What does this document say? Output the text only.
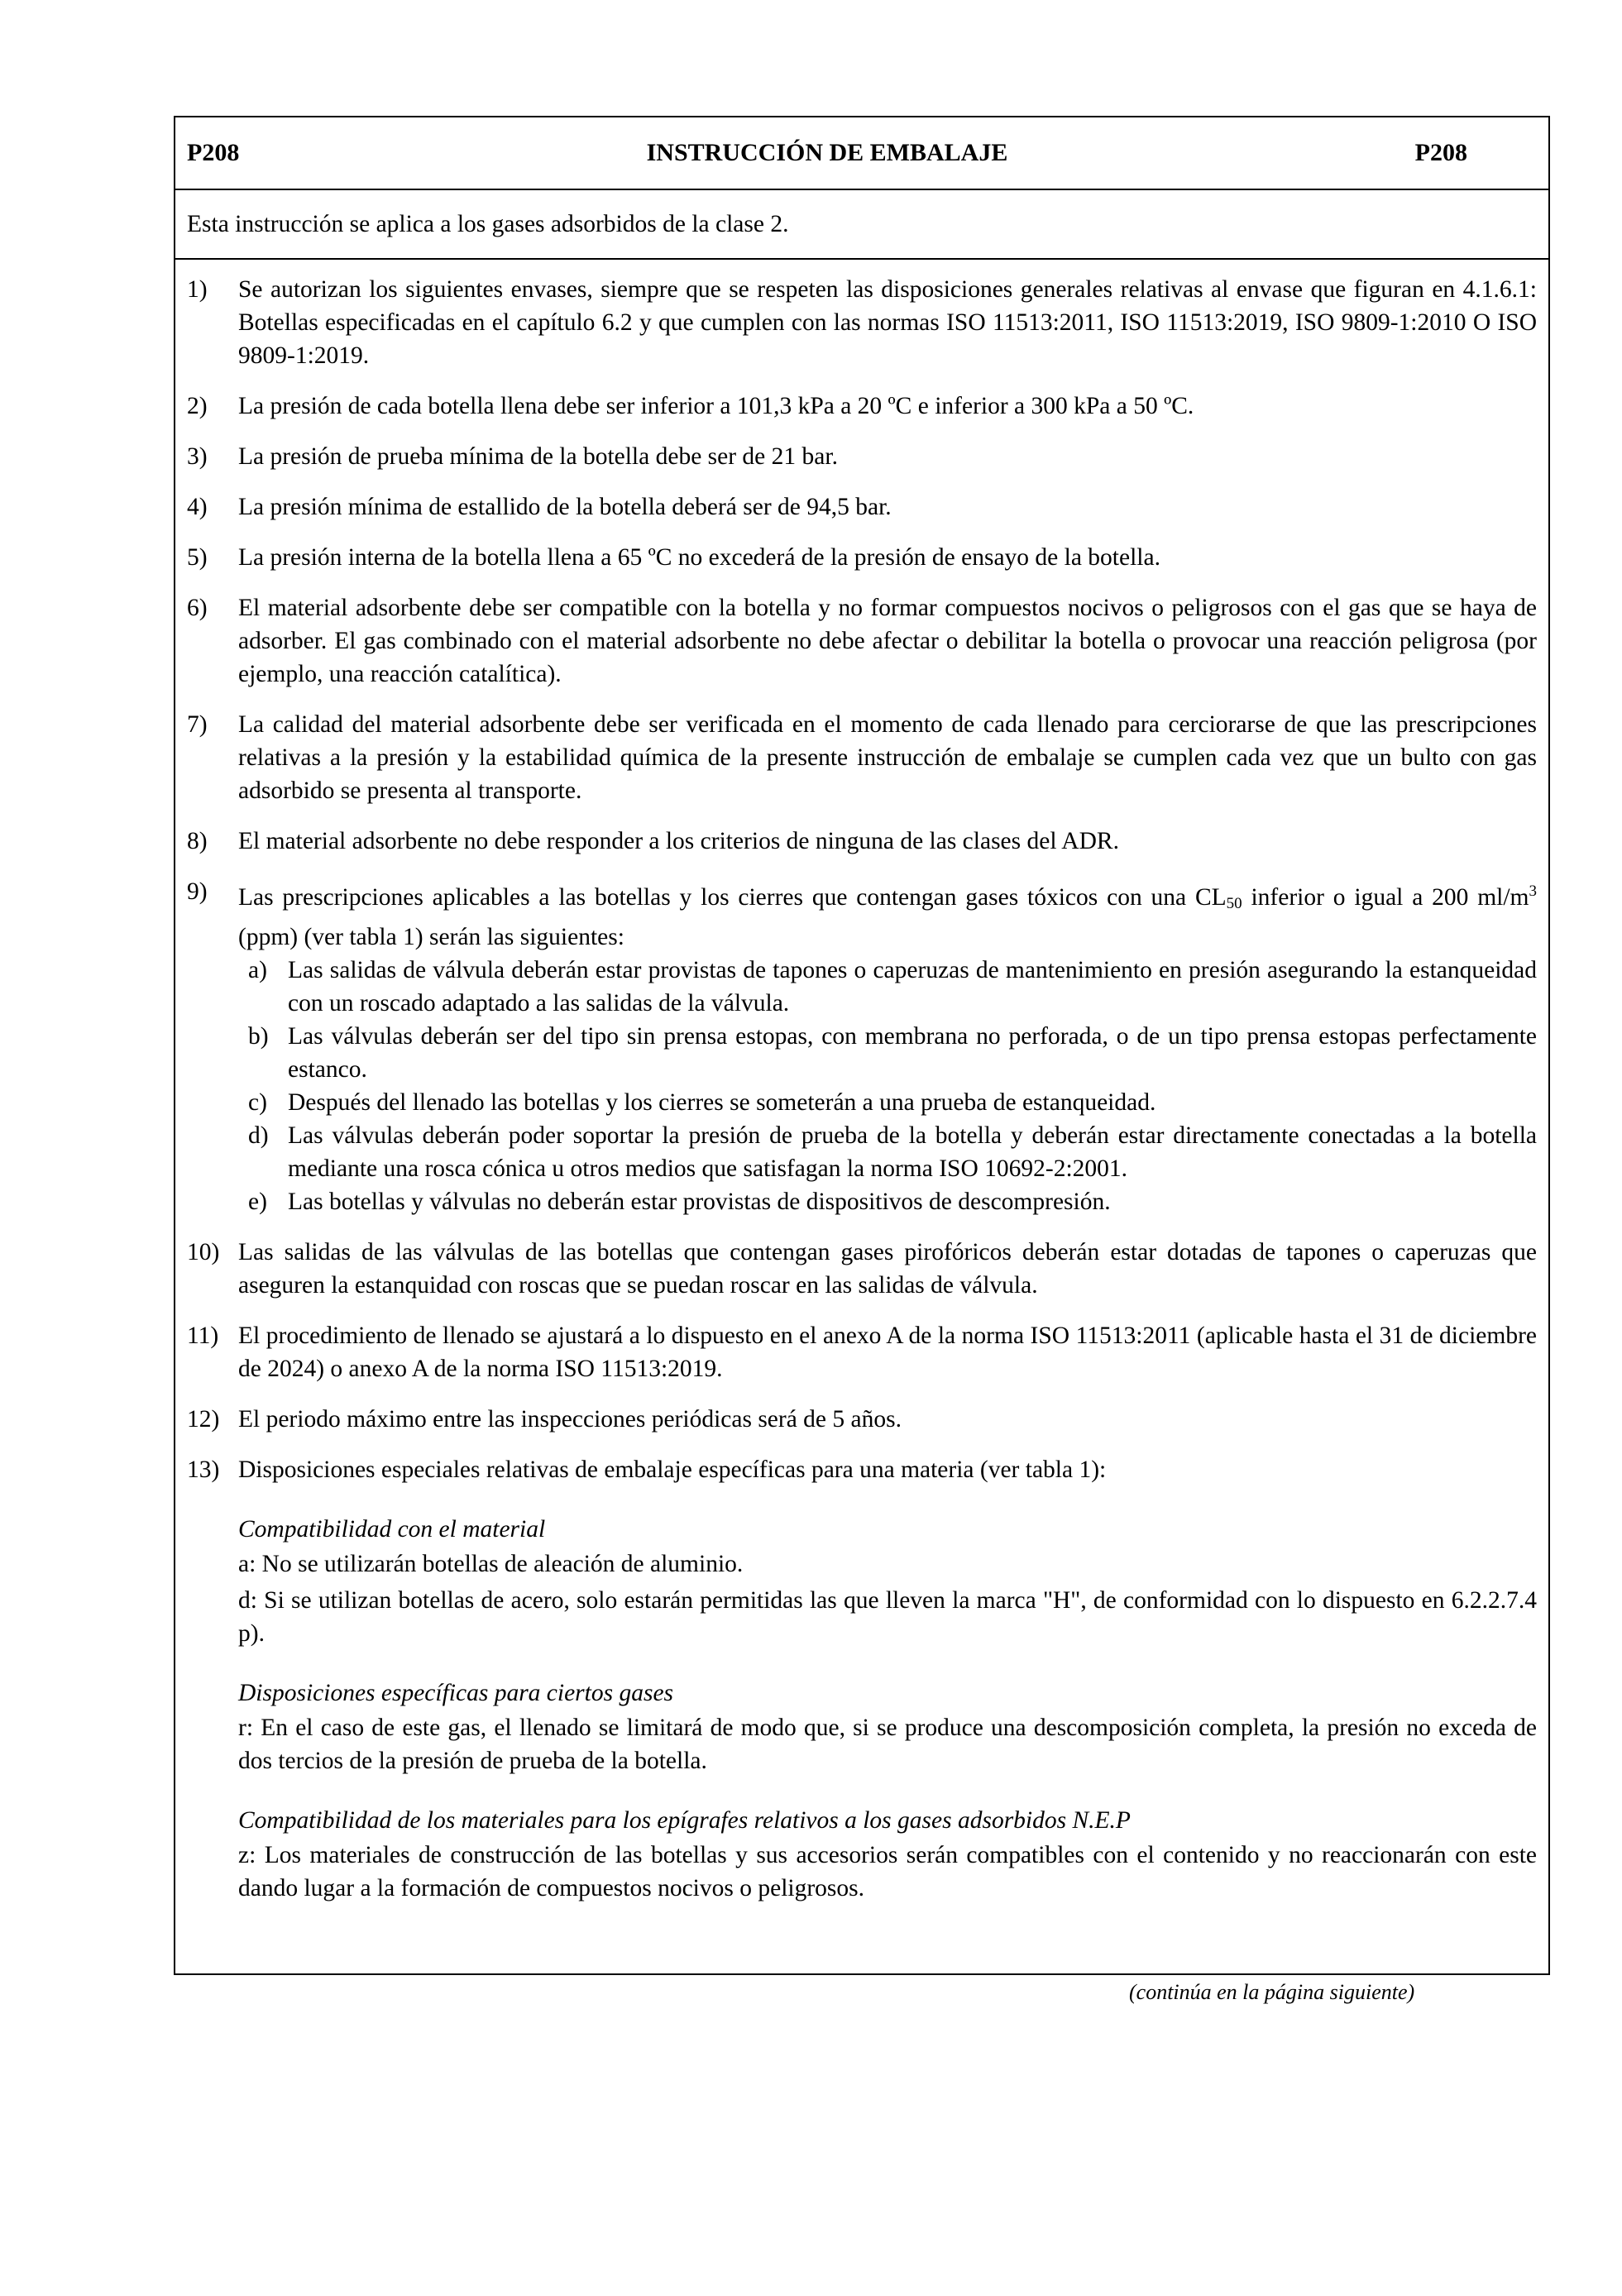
P208	INSTRUCCIÓN DE EMBALAJE	P208
Esta instrucción se aplica a los gases adsorbidos de la clase 2.
1)	Se autorizan los siguientes envases, siempre que se respeten las disposiciones generales relativas al envase que figuran en 4.1.6.1: Botellas especificadas en el capítulo 6.2 y que cumplen con las normas ISO 11513:2011, ISO 11513:2019, ISO 9809-1:2010 O ISO 9809-1:2019.
2)	La presión de cada botella llena debe ser inferior a 101,3 kPa a 20 ºC e inferior a 300 kPa a 50 ºC.
3)	La presión de prueba mínima de la botella debe ser de 21 bar.
4)	La presión mínima de estallido de la botella deberá ser de 94,5 bar.
5)	La presión interna de la botella llena a 65 ºC no excederá de la presión de ensayo de la botella.
6)	El material adsorbente debe ser compatible con la botella y no formar compuestos nocivos o peligrosos con el gas que se haya de adsorber. El gas combinado con el material adsorbente no debe afectar o debilitar la botella o provocar una reacción peligrosa (por ejemplo, una reacción catalítica).
7)	La calidad del material adsorbente debe ser verificada en el momento de cada llenado para cerciorarse de que las prescripciones relativas a la presión y la estabilidad química de la presente instrucción de embalaje se cumplen cada vez que un bulto con gas adsorbido se presenta al transporte.
8)	El material adsorbente no debe responder a los criterios de ninguna de las clases del ADR.
9)	Las prescripciones aplicables a las botellas y los cierres que contengan gases tóxicos con una CL50 inferior o igual a 200 $ml/m^3$ (ppm) (ver tabla 1) serán las siguientes:
a) Las salidas de válvula deberán estar provistas de tapones o caperuzas de mantenimiento en presión asegurando la estanqueidad con un roscado adaptado a las salidas de la válvula.
b) Las válvulas deberán ser del tipo sin prensa estopas, con membrana no perforada, o de un tipo prensa estopas perfectamente estanco.
c) Después del llenado las botellas y los cierres se someterán a una prueba de estanqueidad.
d) Las válvulas deberán poder soportar la presión de prueba de la botella y deberán estar directamente conectadas a la botella mediante una rosca cónica u otros medios que satisfagan la norma ISO 10692-2:2001.
e) Las botellas y válvulas no deberán estar provistas de dispositivos de descompresión.
10) Las salidas de las válvulas de las botellas que contengan gases pirofóricos deberán estar dotadas de tapones o caperuzas que aseguren la estanquidad con roscas que se puedan roscar en las salidas de válvula.
11) El procedimiento de llenado se ajustará a lo dispuesto en el anexo A de la norma ISO 11513:2011 (aplicable hasta el 31 de diciembre de 2024) o anexo A de la norma ISO 11513:2019.
12) El periodo máximo entre las inspecciones periódicas será de 5 años.
13) Disposiciones especiales relativas de embalaje específicas para una materia (ver tabla 1):
Compatibilidad con el material

a: No se utilizarán botellas de aleación de aluminio.

d: Si se utilizan botellas de acero, solo estarán permitidas las que lleven la marca "H", de conformidad con lo dispuesto en 6.2.2.7.4 p).

Disposiciones específicas para ciertos gases

r: En el caso de este gas, el llenado se limitará de modo que, si se produce una descomposición completa, la presión no exceda de dos tercios de la presión de prueba de la botella.

Compatibilidad de los materiales para los epígrafes relativos a los gases adsorbidos N.E.P

z: Los materiales de construcción de las botellas y sus accesorios serán compatibles con el contenido y no reaccionarán con este dando lugar a la formación de compuestos nocivos o peligrosos.

(continúa en la página siguiente)
